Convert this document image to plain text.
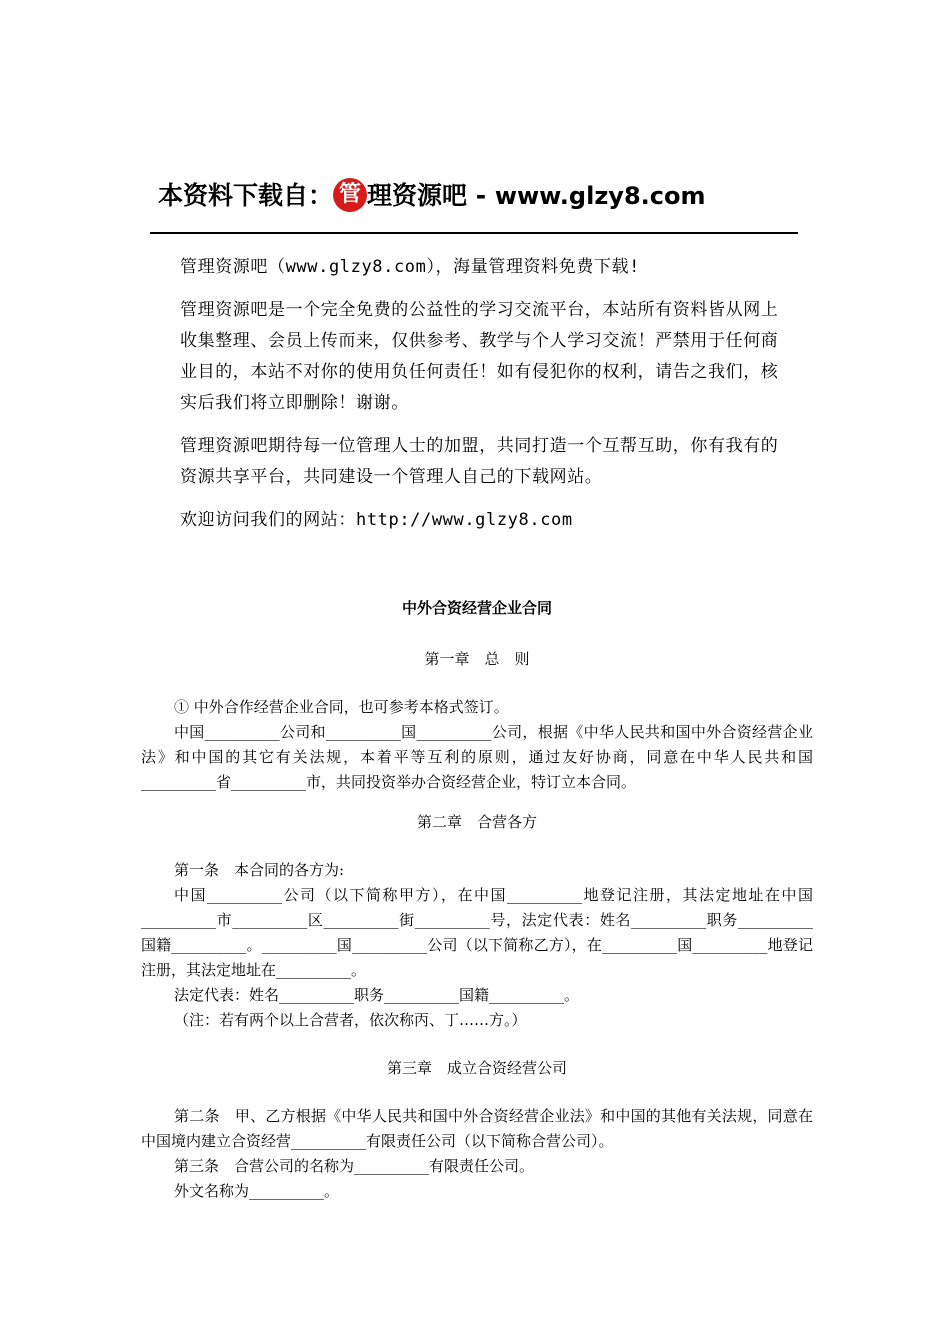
本资料下载自： 管 理资源吧 - www.glzy8.com

管理资源吧（www.glzy8.com），海量管理资料免费下载!

管理资源吧是一个完全免费的公益性的学习交流平台，本站所有资料皆从网上收集整理、会员上传而来，仅供参考、教学与个人学习交流！严禁用于任何商业目的，本站不对你的使用负任何责任！如有侵犯你的权利，请告之我们，核实后我们将立即删除！谢谢。

管理资源吧期待每一位管理人士的加盟，共同打造一个互帮互助，你有我有的资源共享平台，共同建设一个管理人自己的下载网站。

欢迎访问我们的网站：http://www.glzy8.com

中外合资经营企业合同

第一章　总　则

① 中外合作经营企业合同，也可参考本格式签订。

中国__________公司和__________国__________公司，根据《中华人民共和国中外合资经营企业法》和中国的其它有关法规，本着平等互利的原则，通过友好协商，同意在中华人民共和国__________省__________市，共同投资举办合资经营企业，特订立本合同。

第二章　合营各方

第一条　本合同的各方为:

中国__________公司（以下简称甲方），在中国__________地登记注册，其法定地址在中国__________市__________区__________街__________号，法定代表：姓名__________职务__________国籍__________。__________国__________公司（以下简称乙方），在__________国__________地登记注册，其法定地址在__________。

法定代表：姓名__________职务__________国籍__________。

（注：若有两个以上合营者，依次称丙、丁……方。）

第三章　成立合资经营公司

第二条　甲、乙方根据《中华人民共和国中外合资经营企业法》和中国的其他有关法规，同意在中国境内建立合资经营__________有限责任公司（以下简称合营公司）。

第三条　合营公司的名称为__________有限责任公司。

外文名称为__________。
